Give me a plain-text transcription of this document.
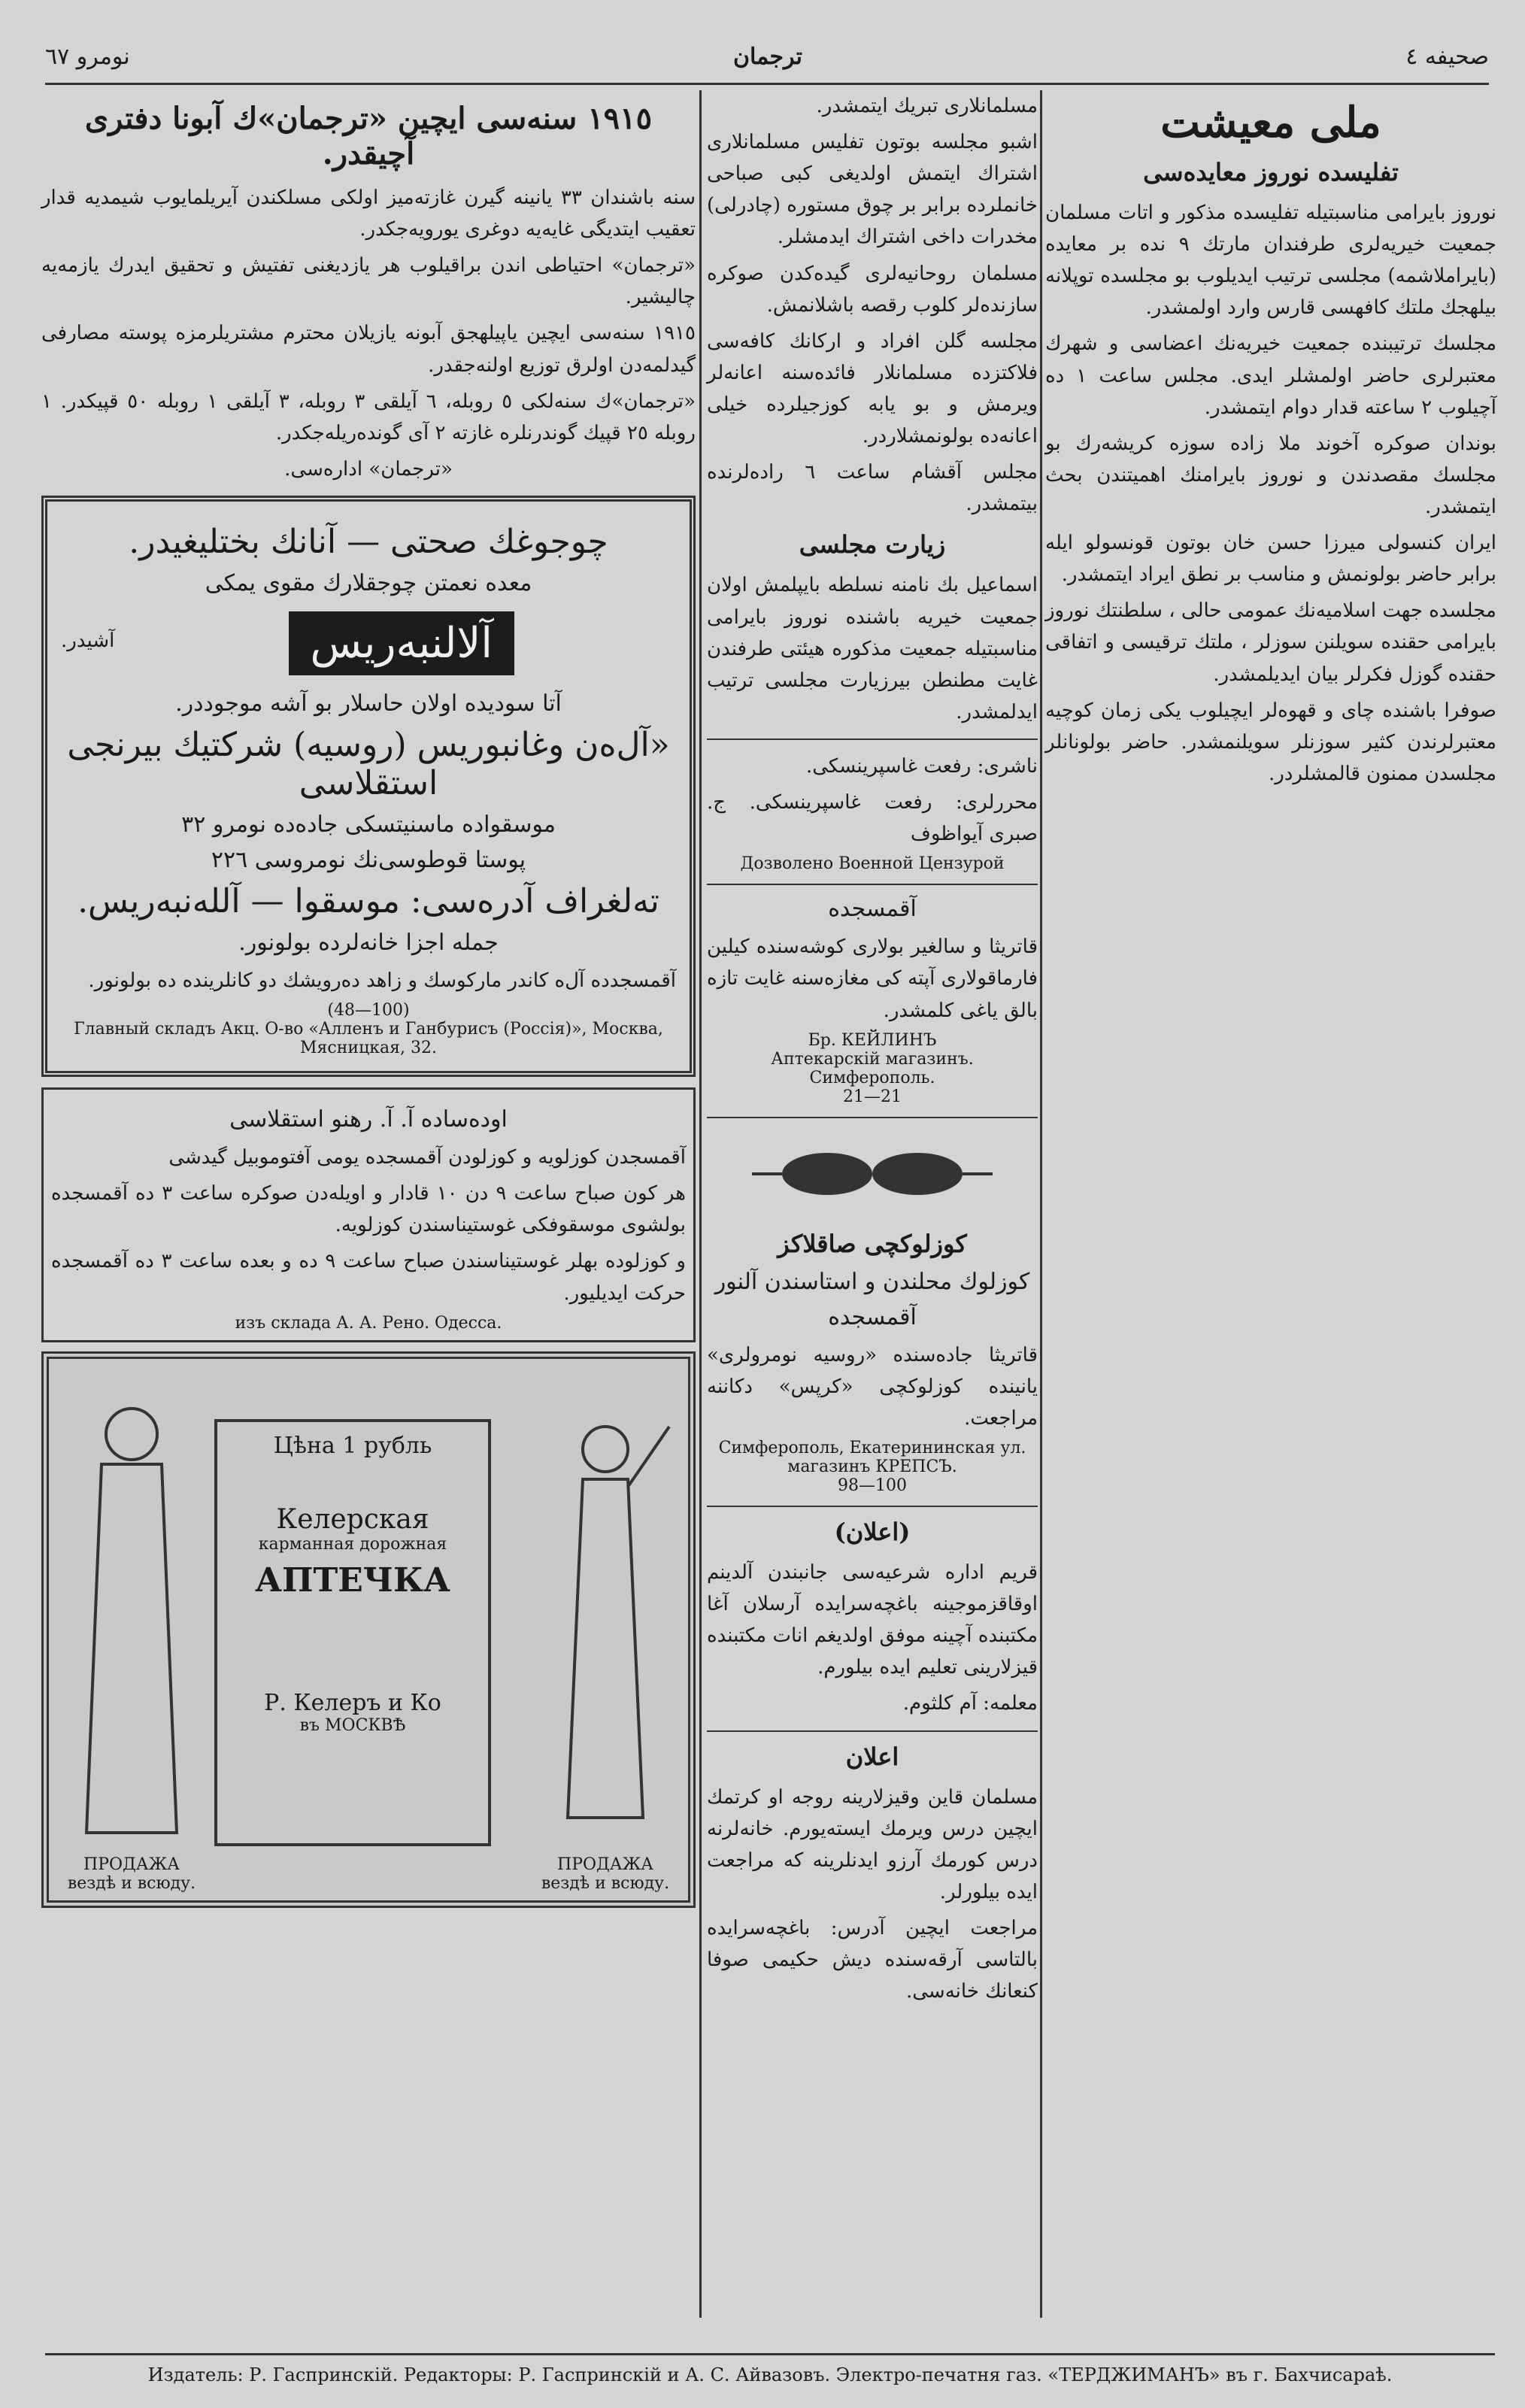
صحيفه ٤
ترجمان
نومرو ٦٧
ملی معيشت
تفليسده نوروز معايده‌سی

نوروز بايرامی مناسبتيله تفليسده مذكور و اتات مسلمان جمعيت خيريه‌لری طرفندان مارتك ٩ نده بر معايده (بايراملاشمه) مجلسی ترتيب ايديلوب بو مجلسده توپلانه بيلهجك ملتك كافهسی قارس وارد اولمشدر.

مجلسك ترتيبنده جمعيت خيريه‌نك اعضاسی و شهرك معتبرلری حاضر اولمشلر ايدی. مجلس ساعت ١ ده آچيلوب ٢ ساعته قدار دوام ايتمشدر.

بوندان صوكره آخوند ملا زاده سوزه كريشه‌رك بو مجلسك مقصدندن و نوروز بايرامنك اهميتندن بحث ايتمشدر.

ايران كنسولی ميرزا حسن خان بوتون قونسولو ايله برابر حاضر بولونمش و مناسب بر نطق ايراد ايتمشدر.

مجلسده جهت اسلاميه‌نك عمومی حالی ، سلطنتك نوروز بايرامی حقنده سويلنن سوزلر ، ملتك ترقيسی و اتفاقی حقنده گوزل فكرلر بيان ايديلمشدر.

صوفرا باشنده چای و قهوه‌لر ايچيلوب يكی زمان كوچيه معتبرلرندن كثير سوزنلر سويلنمشدر. حاضر بولونانلر مجلسدن ممنون قالمشلردر.

مسلمانلاری تبريك ايتمشدر.

اشبو مجلسه بوتون تفليس مسلمانلاری اشتراك ايتمش اولديغی كبی صباحی خانملرده برابر بر چوق مستوره (چادرلی) مخدرات داخی اشتراك ايدمشلر.

مسلمان روحانيه‌لری گيده‌كدن صوكره سازنده‌لر كلوب رقصه باشلانمش.

مجلسه گلن افراد و اركانك كافه‌سی فلاكتزده مسلمانلار فائده‌سنه اعانه‌لر ويرمش و بو يابه كوزجيلرده خيلی اعانه‌ده بولونمشلاردر.

مجلس آقشام ساعت ٦ راده‌لرنده بيتمشدر.

زيارت مجلسی

اسماعيل بك نامنه نسلطه بايپلمش اولان جمعيت خيريه باشنده نوروز بايرامی مناسبتيله جمعيت مذكوره هيئتی طرفندن غايت مطنطن بيرزيارت مجلسی ترتيب ايدلمشدر.

ناشری: رفعت غاسپرينسكی.
محررلری: رفعت غاسپرينسكی. ج. صبری آيواظوف
Дозволено Военной Цензурой
آقمسجده

قاتريثا و سالغير بولاری كوشه‌سنده كيلين فارماقولاری آپته كی مغازه‌سنه غايت تازه بالق ياغی كلمشدر.

Бр. КЕЙЛИНЪ
Аптекарскiй магазинъ. Симферополь.
21—21
كوزلوكچی صاقلاكز
كوزلوك محلندن و استاسندن آلنور
آقمسجده

قاتريثا جاده‌سنده «روسيه نومرولری» يانينده كوزلوكچی «كرپس» دكاننه مراجعت.

Симферополь, Екатерининская ул.
магазинъ КРЕПСЪ.
98—100
(اعلان)

قريم اداره شرعيه‌سی جانبندن آلدينم اوقاقزموجينه باغچه‌سرايده آرسلان آغا مكتبنده آچينه موفق اولديغم انات مكتبنده قيزلارينی تعليم ايده بيلورم.

معلمه: آم كلثوم.

اعلان

مسلمان قاين وقيزلارينه روجه او كرتمك ايچين درس ويرمك ايسته‌يورم. خانه‌لرنه درس كورمك آرزو ايدنلرينه كه مراجعت ايده بيلورلر.

مراجعت ايچين آدرس: باغچه‌سرايده بالتاسی آرقه‌سنده ديش حكيمی صوفا كنعانك خانه‌سی.

١٩١٥ سنه‌سی ايچين «ترجمان»ك آبونا دفتری آچيقدر.

سنه باشندان ٣٣ يانينه گيرن غازته‌ميز اولكی مسلكندن آيريلمايوب شيمديه قدار تعقيب ايتديگی غايه‌يه دوغری يورويه‌جكدر.

«ترجمان» احتياطی اندن براقيلوب هر يازديغنی تفتيش و تحقيق ايدرك يازمه‌يه چاليشير.

١٩١٥ سنه‌سی ايچين ياپيلهجق آبونه يازيلان محترم مشتريلرمزه پوسته مصارفی گيدلمه‌دن اولرق توزيع اولنه‌جقدر.

«ترجمان»ك سنه‌لكی ٥ روبله، ٦ آيلقی ٣ روبله، ٣ آيلقی ١ روبله ٥٠ قپيكدر. ١ روبله ٢٥ قپيك گوندرنلره غازته ٢ آی گونده‌ريله‌جكدر.

«ترجمان» اداره‌سی.

چوجوغك صحتی — آنانك بختليغيدر.
معده نعمتن چوجقلارك مقوی يمكی
آلالنبه‌ريس
آشيدر.
آتا سوديده اولان حاسلار بو آشه موجوددر.
«آل‌ه‌ن وغانبوريس (روسيه) شركتيك بيرنجی استقلاسی
موسقواده ماسنيتسكی جاده‌ده نومرو ٣٢
پوستا قوطوسی‌نك نومروسی ٢٢٦
ته‌لغراف آدره‌سی: موسقوا — آلله‌نبه‌ريس.
جمله اجزا خانه‌لرده بولونور.

آقمسجدده آل‌ه كاندر ماركوسك و زاهد ده‌رويشك دو كانلرينده ده بولونور.

(48—100)
Главный складъ Акц. О-во «Алленъ и Ганбурисъ (Россiя)», Москва, Мясницкая, 32.
اوده‌ساده آ. آ. رهنو استقلاسی

آقمسجدن كوزلويه و كوزلودن آقمسجده يومی آفتوموبيل گيدشی

هر كون صباح ساعت ٩ دن ١٠ قادار و اويله‌دن صوكره ساعت ٣ ده آقمسجده بولشوی موسقوفكی غوستيناسندن كوزلويه.

و كوزلوده بهلر غوستيناسندن صباح ساعت ٩ ده و بعده ساعت ٣ ده آقمسجده حركت ايديليور.

изъ склада А. А. Рено. Одесса.
Цѣна 1 рубль
Келерская
карманная дорожная
АПТЕЧКА
Р. Келеръ и Ко
въ МОСКВѢ
ПРОДАЖА вездѣ и всюду.
ПРОДАЖА вездѣ и всюду.
Издатель: Р. Гаспринскiй. Редакторы: Р. Гаспринскiй и А. С. Айвазовъ. Электро-печатня газ. «ТЕРДЖИМАНЪ» въ г. Бахчисараѣ.
